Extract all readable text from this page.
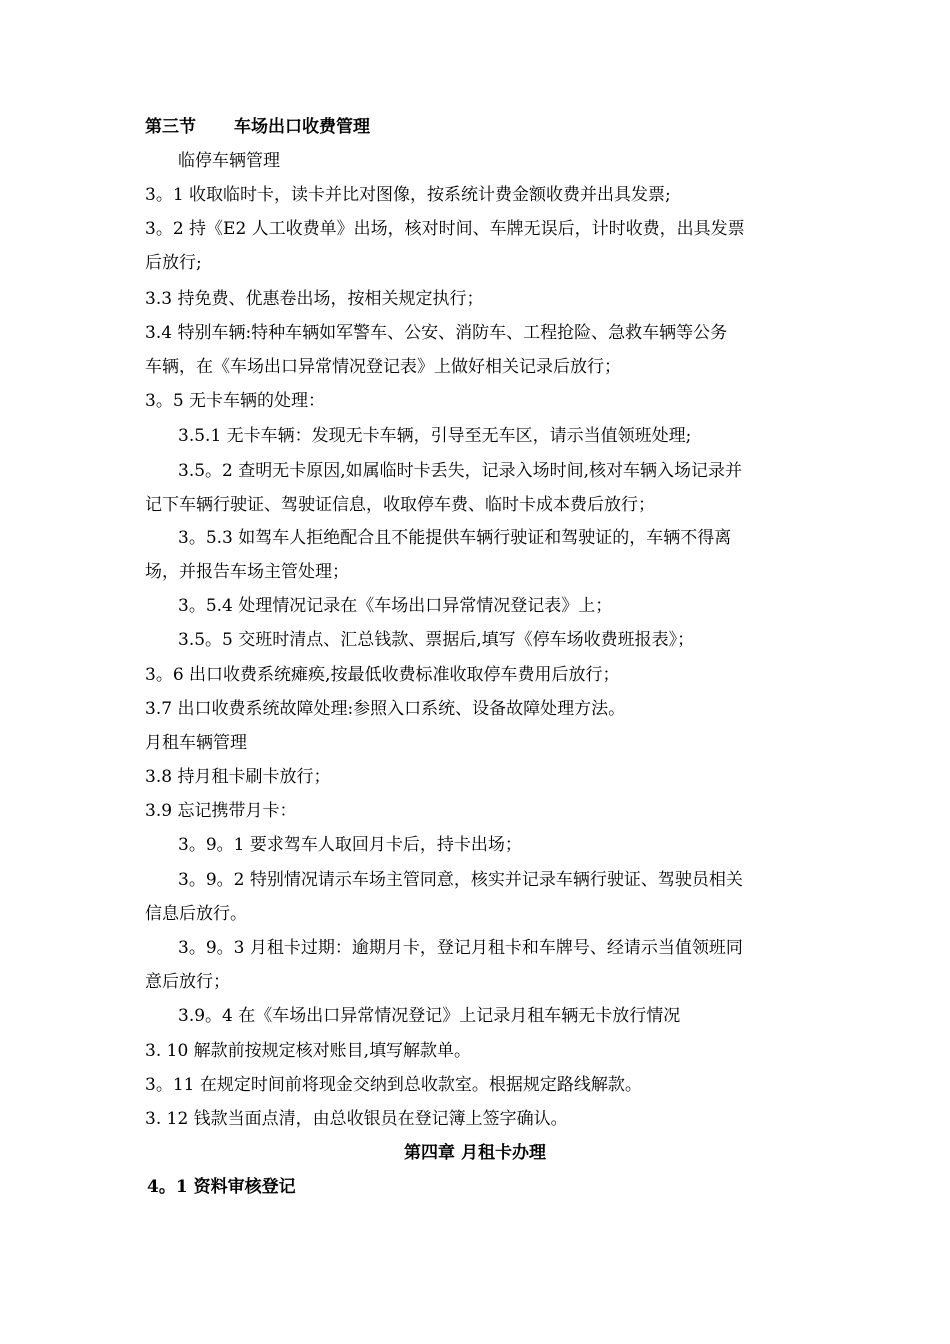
第三节 车场出口收费管理
临停车辆管理
3。1 收取临时卡，读卡并比对图像，按系统计费金额收费并出具发票;
3。2 持《E2 人工收费单》出场，核对时间、车牌无误后，计时收费，出具发票
后放行;
3.3 持免费、优惠卷出场，按相关规定执行；
3.4 特别车辆:特种车辆如军警车、公安、消防车、工程抢险、急救车辆等公务
车辆，在《车场出口异常情况登记表》上做好相关记录后放行；
3。5 无卡车辆的处理：
3.5.1 无卡车辆：发现无卡车辆，引导至无车区，请示当值领班处理;
3.5。2 查明无卡原因,如属临时卡丢失，记录入场时间,核对车辆入场记录并
记下车辆行驶证、驾驶证信息，收取停车费、临时卡成本费后放行；
3。5.3 如驾车人拒绝配合且不能提供车辆行驶证和驾驶证的，车辆不得离
场，并报告车场主管处理；
3。5.4 处理情况记录在《车场出口异常情况登记表》上；
3.5。5 交班时清点、汇总钱款、票据后,填写《停车场收费班报表》；
3。6 出口收费系统瘫痪,按最低收费标准收取停车费用后放行；
3.7 出口收费系统故障处理:参照入口系统、设备故障处理方法。
月租车辆管理
3.8 持月租卡刷卡放行；
3.9 忘记携带月卡：
3。9。1 要求驾车人取回月卡后，持卡出场；
3。9。2 特别情况请示车场主管同意，核实并记录车辆行驶证、驾驶员相关
信息后放行。
3。9。3 月租卡过期：逾期月卡，登记月租卡和车牌号、经请示当值领班同
意后放行；
3.9。4 在《车场出口异常情况登记》上记录月租车辆无卡放行情况
3. 10 解款前按规定核对账目,填写解款单。
3。11 在规定时间前将现金交纳到总收款室。根据规定路线解款。
3. 12 钱款当面点清，由总收银员在登记簿上签字确认。
第四章 月租卡办理
4。1 资料审核登记
